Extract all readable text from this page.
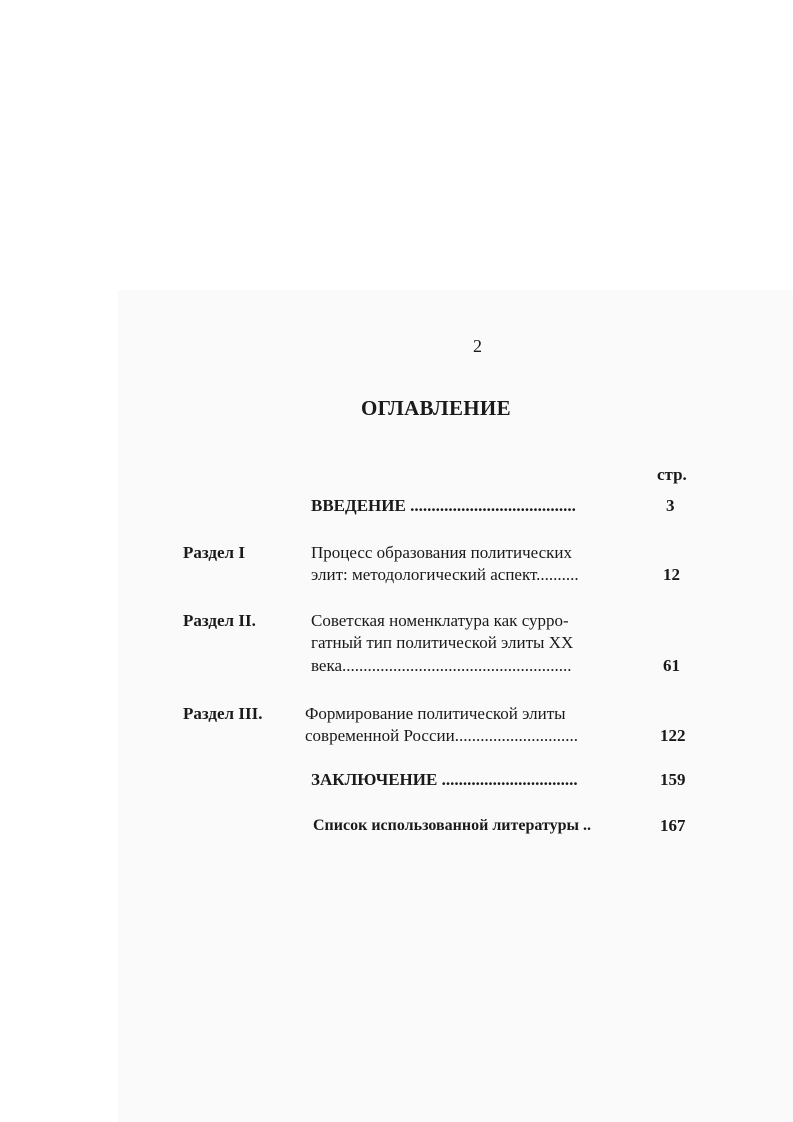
2
ОГЛАВЛЕНИЕ
стр.
ВВЕДЕНИЕ .......................................	3
Раздел I	Процесс образования политических
элит: методологический аспект..........	12
Раздел II.	Советская номенклатура как сурро-
гатный тип политической элиты XX
века......................................................	61
Раздел III.	Формирование политической элиты
современной России.............................	122
ЗАКЛЮЧЕНИЕ ................................	159
Список использованной литературы ..	167
